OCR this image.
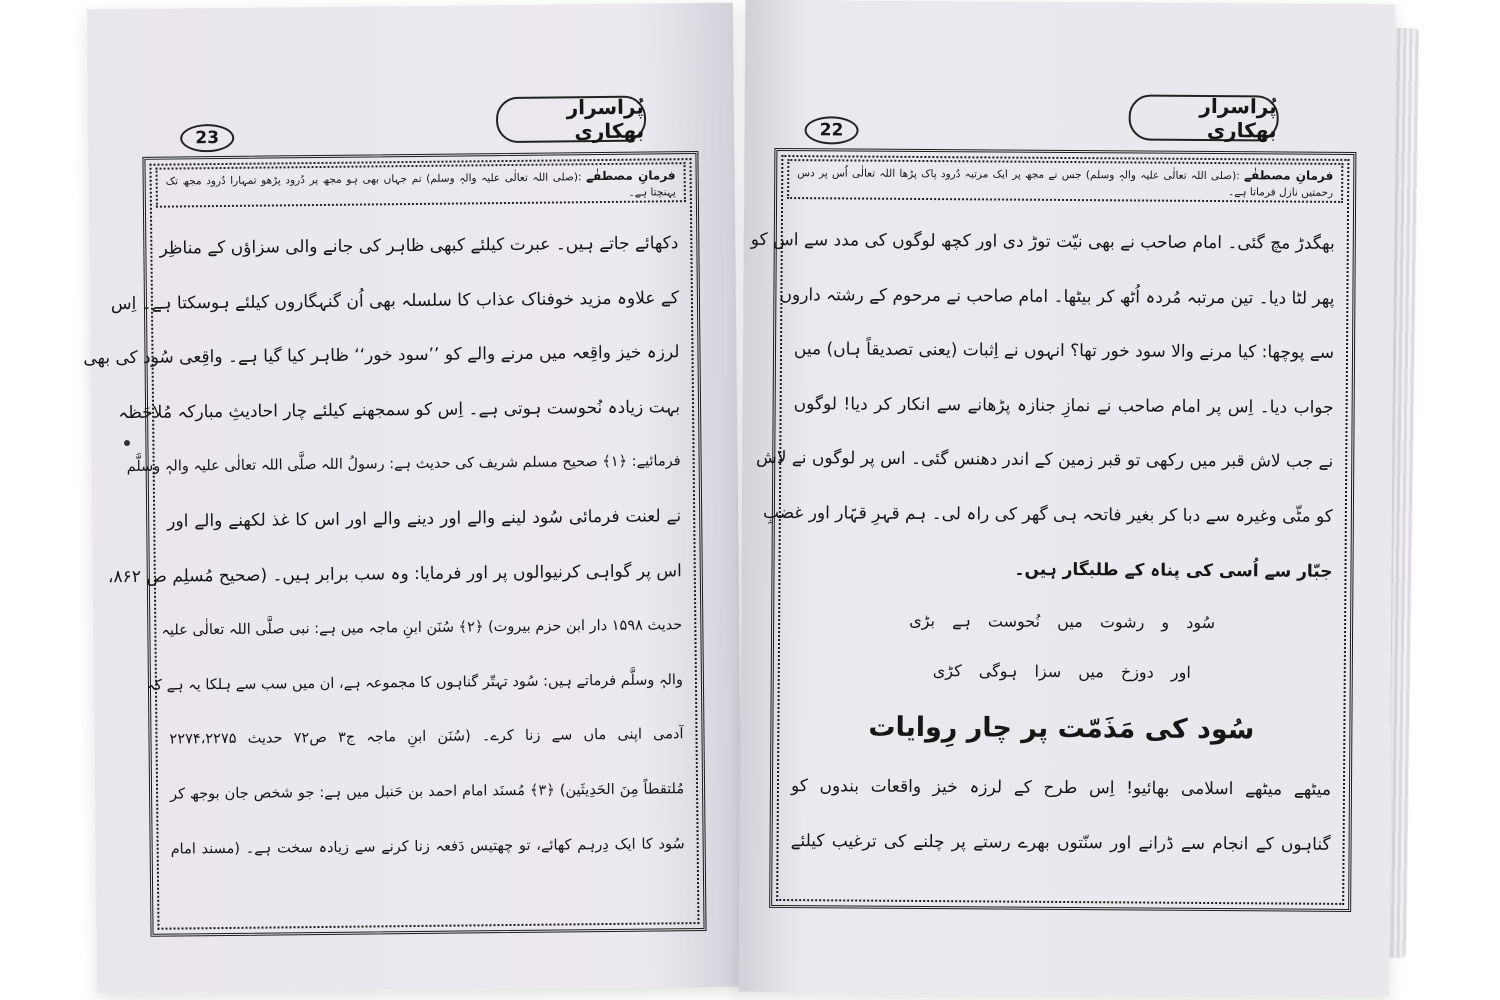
23
پُراسرار بھکاری
فرمانِ مصطفٰے :(صلی اللہ تعالٰی علیہ والہٖ وسلم) تم جہاں بھی ہو مجھ پر دُرود پڑھو تمہارا دُرود مجھ تک پہنچتا ہے۔
دکھائے جاتے ہیں۔ عبرت کیلئے کبھی ظاہر کی جانے والی سزاؤں کے مناظِر
کے علاوہ مزید خوفناک عذاب کا سلسلہ بھی اُن گنہگاروں کیلئے ہوسکتا ہے۔ اِس
لرزہ خیز واقِعہ میں مرنے والے کو ’’سود خور‘‘ ظاہر کیا گیا ہے۔ واقِعی سُود کی بھی
بہت زیادہ نُحوست ہوتی ہے۔ اِس کو سمجھنے کیلئے چار احادیثِ مبارکہ مُلاحَظہ
فرمائیے: ﴿۱﴾ صحیح مسلم شریف کی حدیث ہے: رسولُ اللہ صلَّی اللہ تعالٰی علیہ والہٖ وسلَّم
نے لعنت فرمائی سُود لینے والے اور دینے والے اور اس کا غذ لکھنے والے اور
اس پر گواہی کرنیوالوں پر اور فرمایا: وہ سب برابر ہیں۔ (صحیح مُسلِم ص ۸۶۲،
حدیث ۱۵۹۸ دار ابن حزم بیروت) ﴿۲﴾ سُنَن ابنِ ماجہ میں ہے: نبی صلَّی اللہ تعالٰی علیہ
والہٖ وسلَّم فرماتے ہیں: سُود تہتّر گناہوں کا مجموعہ ہے، ان میں سب سے ہلکا یہ ہے کہ
آدمی اپنی ماں سے زنا کرے۔ (سُنَن ابنِ ماجہ ج۳ ص۷۲ حدیث ۲۲۷۴،۲۲۷۵
مُلتقطاً مِنَ الحَدِیثَین) ﴿۳﴾ مُسنَد امام احمد بن حَنبل میں ہے: جو شخص جان بوجھ کر
سُود کا ایک دِرہم کھائے، تو چھتیس دَفعہ زنا کرنے سے زیادہ سخت ہے۔ (مسند امام
22
پُراسرار بھکاری
فرمانِ مصطفٰے :(صلی اللہ تعالٰی علیہ والہٖ وسلم) جس نے مجھ پر ایک مرتبہ دُرود پاک پڑھا اللہ تعالٰی اُس پر دس رحمتیں نازل فرماتا ہے۔
بھگدڑ مچ گئی۔ امام صاحب نے بھی نیّت توڑ دی اور کچھ لوگوں کی مدد سے اس کو
پھر لٹا دیا۔ تین مرتبہ مُردہ اُٹھ کر بیٹھا۔ امام صاحب نے مرحوم کے رشتہ داروں
سے پوچھا: کیا مرنے والا سود خور تھا؟ انہوں نے اِثبات (یعنی تصدیقاً ہاں) میں
جواب دیا۔ اِس پر امام صاحب نے نمازِ جنازہ پڑھانے سے انکار کر دیا! لوگوں
نے جب لاش قبر میں رکھی تو قبر زمین کے اندر دھنس گئی۔ اس پر لوگوں نے لاش
کو مٹّی وغیرہ سے دبا کر بغیر فاتحہ ہی گھر کی راہ لی۔ ہم قہرِ قہّار اور غضبِ
جبّار سے اُسی کی پناہ کے طلبگار ہیں۔
سُود و رشوت میں نُحوست ہے بڑی
اور دوزخ میں سزا ہوگی کڑی
سُود کی مَذَمّت پر چار رِوایات
میٹھے میٹھے اسلامی بھائیو! اِس طرح کے لرزہ خیز واقعات بندوں کو
گناہوں کے انجام سے ڈرانے اور سنّتوں بھرے رستے پر چلنے کی ترغیب کیلئے
